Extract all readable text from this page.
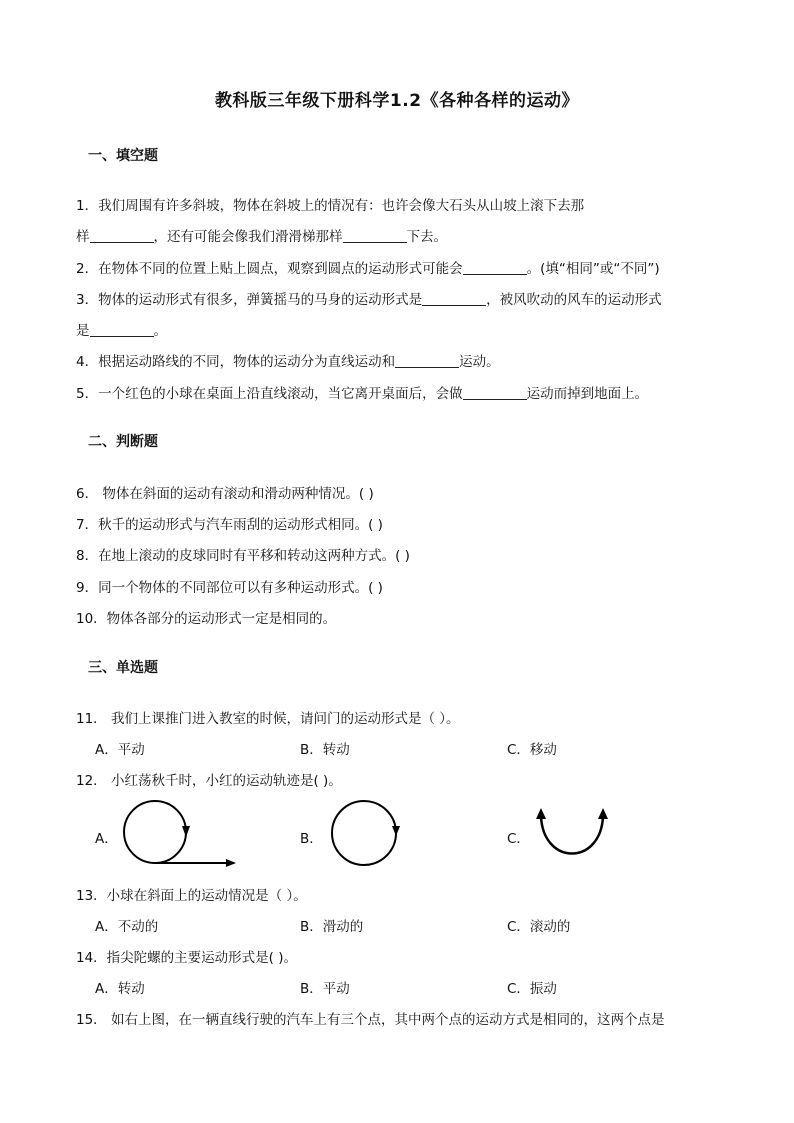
教科版三年级下册科学1.2《各种各样的运动》
一、填空题
1．我们周围有许多斜坡，物体在斜坡上的情况有：也许会像大石头从山坡上滚下去那
样	，还有可能会像我们滑滑梯那样	下去。
2．在物体不同的位置上贴上圆点，观察到圆点的运动形式可能会	。(填“相同”或“不同”)
3．物体的运动形式有很多，弹簧摇马的马身的运动形式是	，被风吹动的风车的运动形式
是	。
4．根据运动路线的不同，物体的运动分为直线运动和	运动。
5．一个红色的小球在桌面上沿直线滚动，当它离开桌面后，会做	运动而掉到地面上。
二、判断题
6． 物体在斜面的运动有滚动和滑动两种情况。( )
7．秋千的运动形式与汽车雨刮的运动形式相同。( )
8．在地上滚动的皮球同时有平移和转动这两种方式。( )
9．同一个物体的不同部位可以有多种运动形式。( )
10．物体各部分的运动形式一定是相同的。
三、单选题
11． 我们上课推门进入教室的时候，请问门的运动形式是（ ）。
A．平动	B．转动	C．移动
12． 小红荡秋千时，小红的运动轨迹是( )。
A．	B．	C．
13．小球在斜面上的运动情况是（ ）。
A．不动的	B．滑动的	C．滚动的
14．指尖陀螺的主要运动形式是( )。
A．转动	B．平动	C．振动
15． 如右上图，在一辆直线行驶的汽车上有三个点，其中两个点的运动方式是相同的，这两个点是
